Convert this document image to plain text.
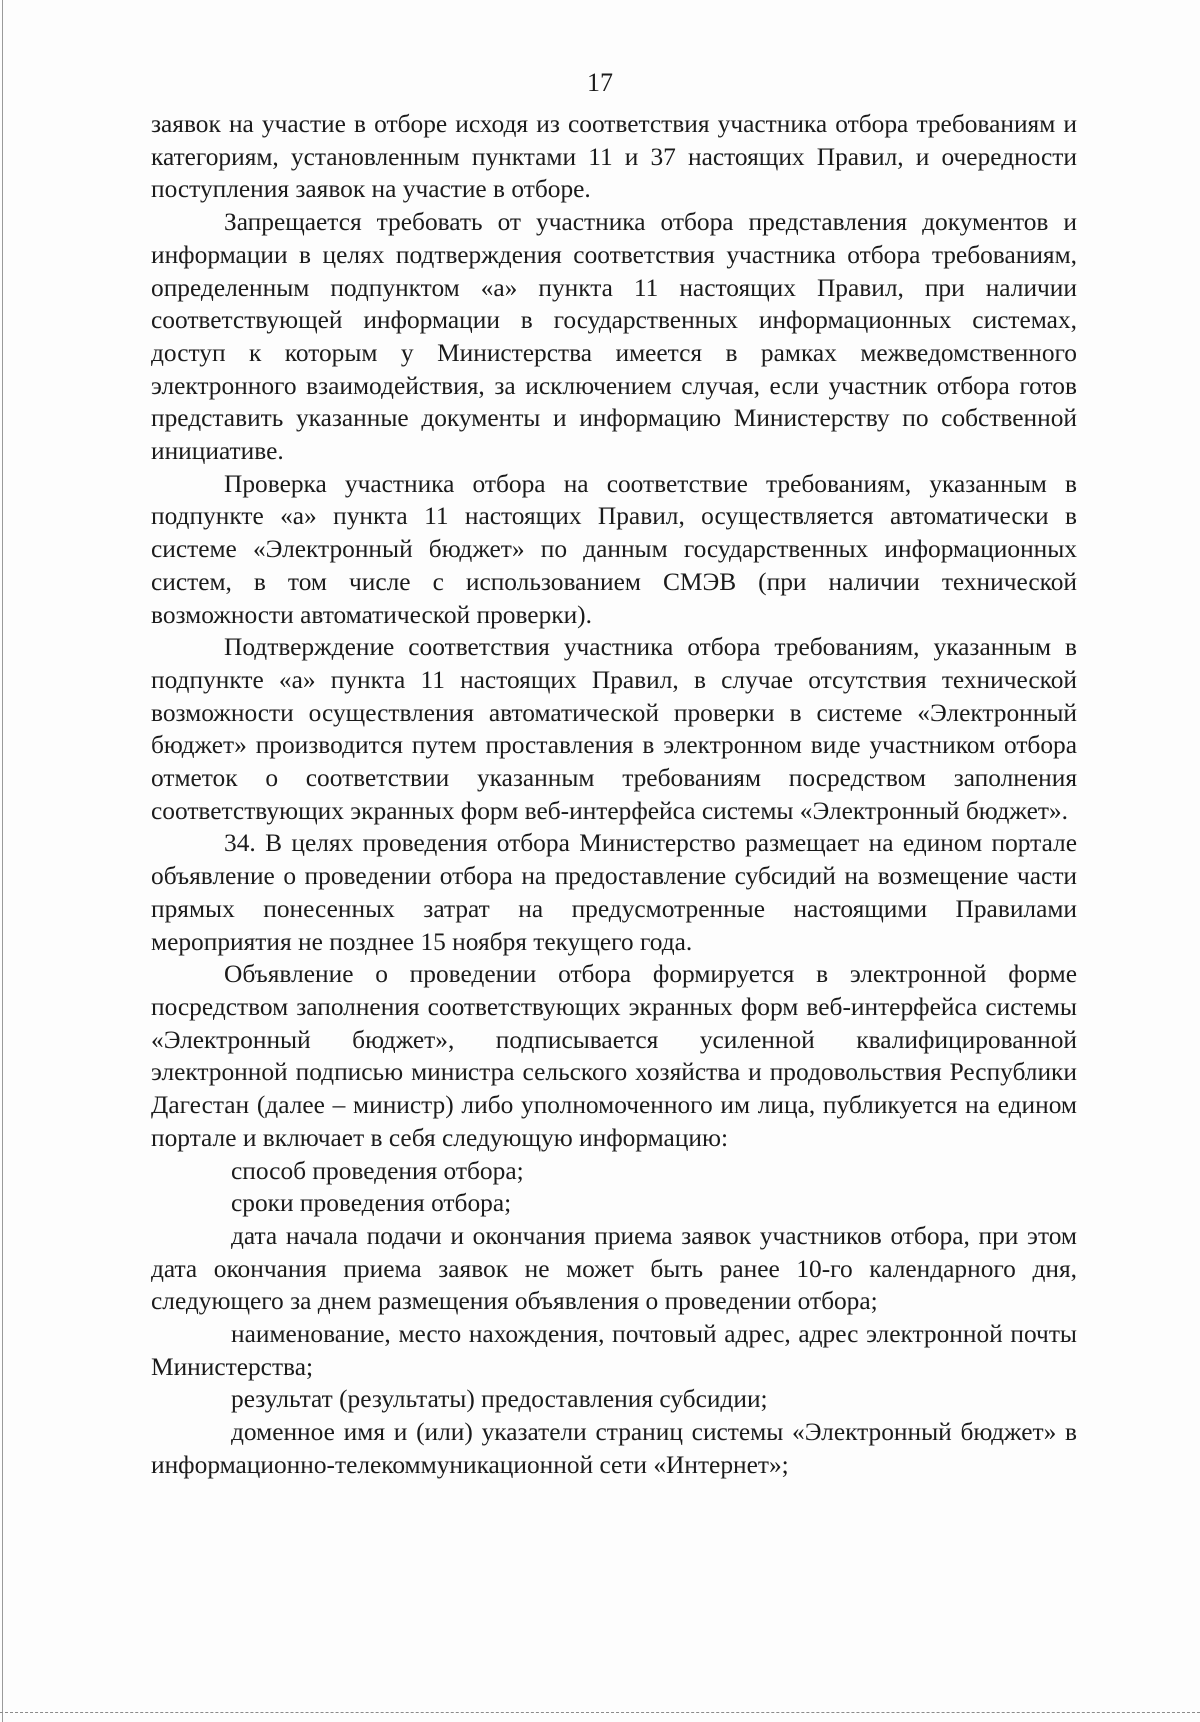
17

заявок на участие в отборе исходя из соответствия участника отбора требованиям и категориям, установленным пунктами 11 и 37 настоящих Правил, и очередности поступления заявок на участие в отборе.

Запрещается требовать от участника отбора представления документов и информации в целях подтверждения соответствия участника отбора требованиям, определенным подпунктом «а» пункта 11 настоящих Правил, при наличии соответствующей информации в государственных информационных системах, доступ к которым у Министерства имеется в рамках межведомственного электронного взаимодействия, за исключением случая, если участник отбора готов представить указанные документы и информацию Министерству по собственной инициативе.

Проверка участника отбора на соответствие требованиям, указанным в подпункте «а» пункта 11 настоящих Правил, осуществляется автоматически в системе «Электронный бюджет» по данным государственных информационных систем, в том числе с использованием СМЭВ (при наличии технической возможности автоматической проверки).

Подтверждение соответствия участника отбора требованиям, указанным в подпункте «а» пункта 11 настоящих Правил, в случае отсутствия технической возможности осуществления автоматической проверки в системе «Электронный бюджет» производится путем проставления в электронном виде участником отбора отметок о соответствии указанным требованиям посредством заполнения соответствующих экранных форм веб-интерфейса системы «Электронный бюджет».

34. В целях проведения отбора Министерство размещает на едином портале объявление о проведении отбора на предоставление субсидий на возмещение части прямых понесенных затрат на предусмотренные настоящими Правилами мероприятия не позднее 15 ноября текущего года.

Объявление о проведении отбора формируется в электронной форме посредством заполнения соответствующих экранных форм веб-интерфейса системы «Электронный бюджет», подписывается усиленной квалифицированной электронной подписью министра сельского хозяйства и продовольствия Республики Дагестан (далее – министр) либо уполномоченного им лица, публикуется на едином портале и включает в себя следующую информацию:

способ проведения отбора;

сроки проведения отбора;

дата начала подачи и окончания приема заявок участников отбора, при этом дата окончания приема заявок не может быть ранее 10-го календарного дня, следующего за днем размещения объявления о проведении отбора;

наименование, место нахождения, почтовый адрес, адрес электронной почты Министерства;

результат (результаты) предоставления субсидии;

доменное имя и (или) указатели страниц системы «Электронный бюджет» в информационно-телекоммуникационной сети «Интернет»;
